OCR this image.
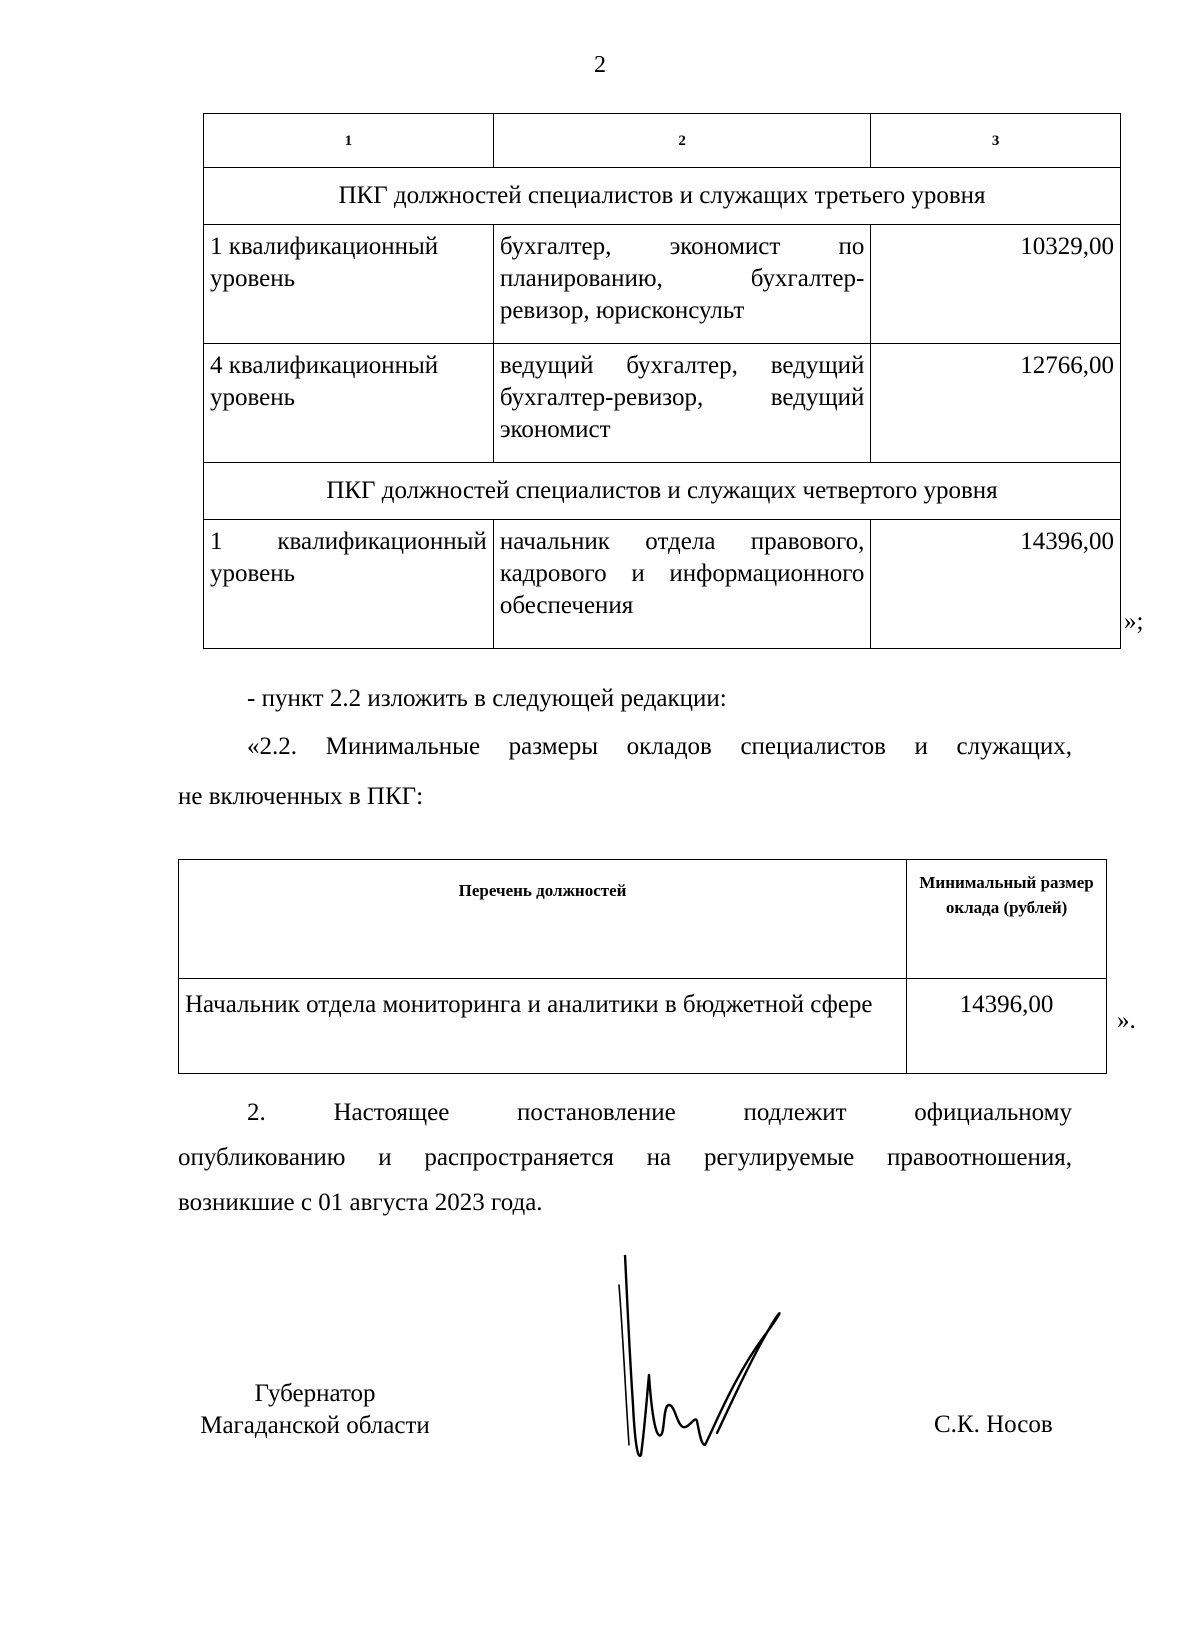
2
1	2	3
ПКГ должностей специалистов и служащих третьего уровня		
1 квалификационный уровень	бухгалтер, экономист по планированию, бухгалтер-ревизор, юрисконсульт	10329,00
4 квалификационный уровень	ведущий бухгалтер, ведущий бухгалтер-ревизор, ведущий экономист	12766,00
ПКГ должностей специалистов и служащих четвертого уровня		
1 квалификационный уровень	начальник отдела правового, кадрового и информационного обеспечения	14396,00
»;
- пункт 2.2 изложить в следующей редакции:
«2.2. Минимальные размеры окладов специалистов и служащих,
не включенных в ПКГ:
Перечень должностей	Минимальный размер оклада (рублей)
Начальник отдела мониторинга и аналитики в бюджетной сфере	14396,00
».
2. Настоящее постановление подлежит официальному
опубликованию и распространяется на регулируемые правоотношения,
возникшие с 01 августа 2023 года.
Губернатор
Магаданской области	С.К. Носов
